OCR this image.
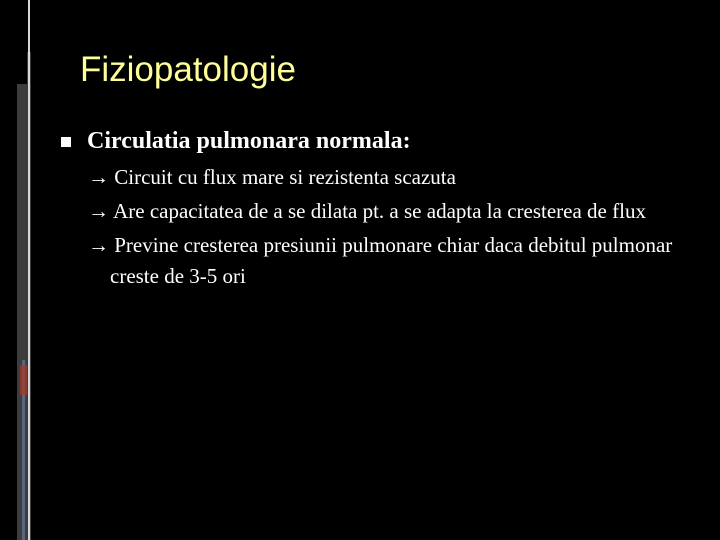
Fiziopatologie
Circulatia pulmonara normala:
→ Circuit cu flux mare si rezistenta scazuta
→ Are capacitatea de a se dilata pt. a se adapta la cresterea de flux
→ Previne cresterea presiunii pulmonare chiar daca debitul pulmonar creste de 3-5 ori
